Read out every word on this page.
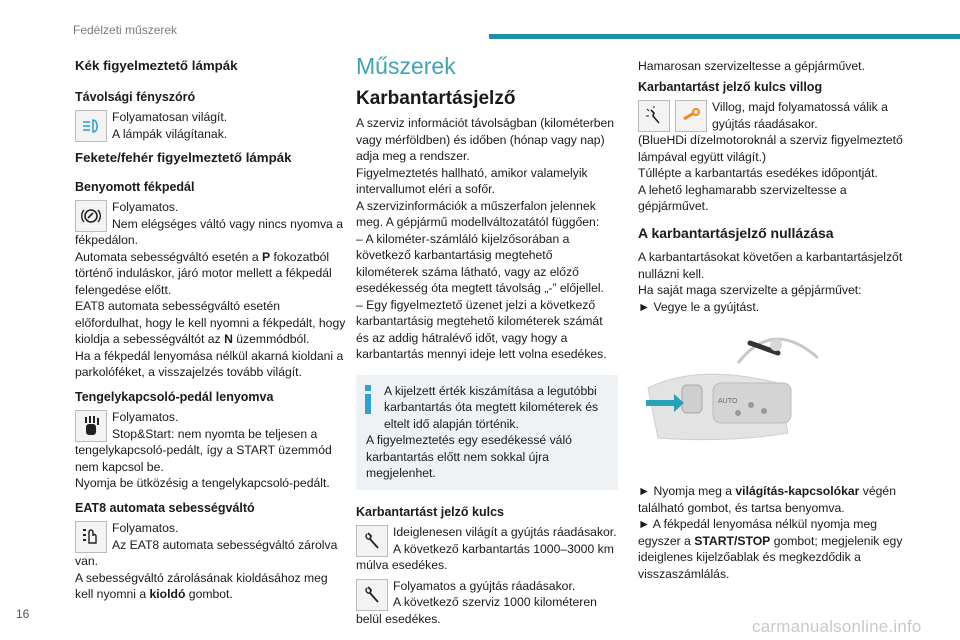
Fedélzeti műszerek
Kék figyelmeztető lámpák
Távolsági fényszóró
Folyamatosan világít.
A lámpák világítanak.
Fekete/fehér figyelmeztető lámpák
Benyomott fékpedál
Folyamatos.
Nem elégséges váltó vagy nincs nyomva a fékpedálon.
Automata sebességváltó esetén a P fokozatból történő induláskor, járó motor mellett a fékpedál felengedése előtt.
EAT8 automata sebességváltó esetén előfordulhat, hogy le kell nyomni a fékpedált, hogy kioldja a sebességváltót az N üzemmódból.
Ha a fékpedál lenyomása nélkül akarná kioldani a parkolóféket, a visszajelzés tovább világít.
Tengelykapcsoló-pedál lenyomva
Folyamatos.
Stop&Start: nem nyomta be teljesen a tengelykapcsoló-pedált, így a START üzemmód nem kapcsol be.
Nyomja be ütközésig a tengelykapcsoló-pedált.
EAT8 automata sebességváltó
Folyamatos.
Az EAT8 automata sebességváltó zárolva van.
A sebességváltó zárolásának kioldásához meg kell nyomni a kioldó gombot.
Műszerek
Karbantartásjelző
A szerviz információt távolságban (kilométerben vagy mérföldben) és időben (hónap vagy nap) adja meg a rendszer.
Figyelmeztetés hallható, amikor valamelyik intervallumot eléri a sofőr.
A szervizinformációk a műszerfalon jelennek meg. A gépjármű modellváltozatától függően:
– A kilométer-számláló kijelzősorában a következő karbantartásig megtehető kilométerek száma látható, vagy az előző esedékesség óta megtett távolság „-” előjellel.
– Egy figyelmeztető üzenet jelzi a következő karbantartásig megtehető kilométerek számát és az addig hátralévő időt, vagy hogy a karbantartás mennyi ideje lett volna esedékes.
A kijelzett érték kiszámítása a legutóbbi karbantartás óta megtett kilométerek és eltelt idő alapján történik.
A figyelmeztetés egy esedékessé váló karbantartás előtt nem sokkal újra megjelenhet.
Karbantartást jelző kulcs
Ideiglenesen világít a gyújtás ráadásakor.
A következő karbantartás 1000–3000 km múlva esedékes.
Folyamatos a gyújtás ráadásakor.
A következő szerviz 1000 kilométeren belül esedékes.
Hamarosan szervizeltesse a gépjárművet.
Karbantartást jelző kulcs villog
Villog, majd folyamatossá válik a gyújtás ráadásakor.
(BlueHDi dízelmotoroknál a szerviz figyelmeztető lámpával együtt világít.)
Túllépte a karbantartás esedékes időpontját.
A lehető leghamarabb szervizeltesse a gépjárművet.
A karbantartásjelző nullázása
A karbantartásokat követően a karbantartásjelzőt nullázni kell.
Ha saját maga szervizelte a gépjárművet:
► Vegye le a gyújtást.
AUTO
► Nyomja meg a világítás-kapcsolókar végén található gombot, és tartsa benyomva.
► A fékpedál lenyomása nélkül nyomja meg egyszer a START/STOP gombot; megjelenik egy ideiglenes kijelzőablak és megkezdődik a visszaszámlálás.
16
carmanualsonline.info
